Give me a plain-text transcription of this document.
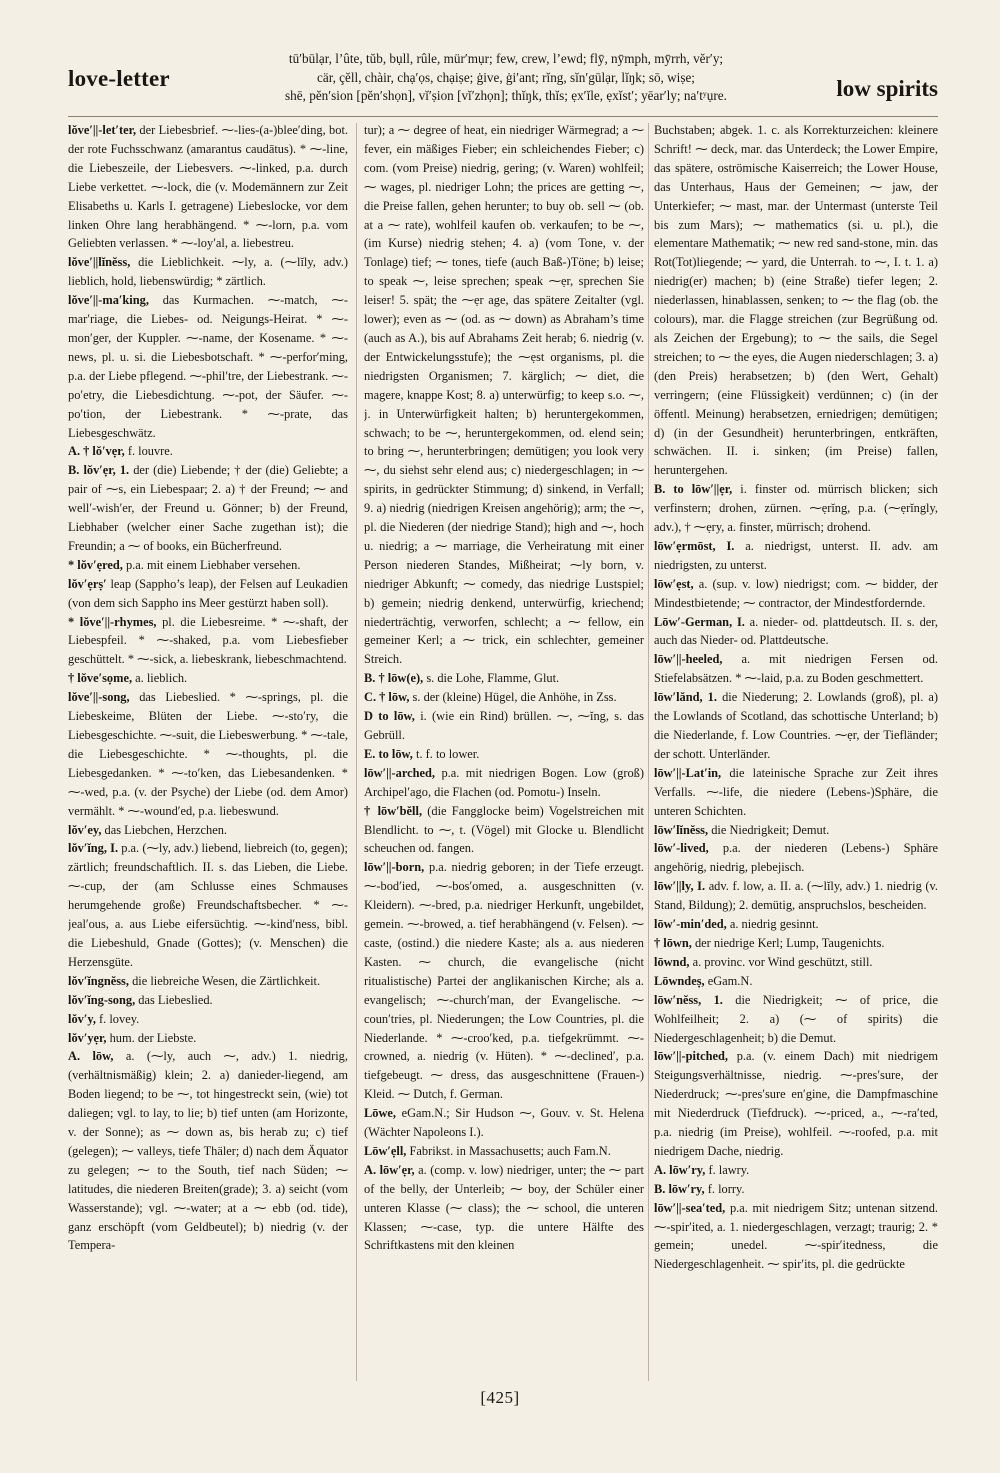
love-letter
tū′būlạr, l’ûte, tŭb, bụll, rûle, mür′mụr; few, crew, l’ewd; flȳ, nȳmph, mȳrrh, vĕr′y;
cär, çĕll, chàir, chạ′ọs, chạiṣe; ġive, ġi′ant; rĭng, sĭn′gūlạr, lĭŋk; sō, wiṣe;
shē, pĕn′sion [pĕn′shọn], vĭ′ṣion [vĭ′zhọn]; thĭŋk, thĭs; ẹx′ĭle, ẹxĭst′; yēar′ly; na′tʸụre.	low spirits
lŏve′||-let′ter, der Liebesbrief. ⁓-lies-(a-)blee′ding, bot. der rote Fuchsschwanz (amarantus caudātus). * ⁓-line, die Liebeszeile, der Liebesvers. ⁓-linked, p.a. durch Liebe verkettet. ⁓-lock, die (v. Modemännern zur Zeit Elisabeths u. Karls I. getragene) Liebeslocke, vor dem linken Ohre lang herabhängend. * ⁓-lorn, p.a. vom Geliebten verlassen. * ⁓-loy′al, a. liebestreu.
lŏve′||lĭnĕss, die Lieblichkeit. ⁓ly, a. (⁓lĭly, adv.) lieblich, hold, liebenswürdig; * zärtlich.
lŏve′||-ma′king, das Kurmachen. ⁓-match, ⁓-mar′riage, die Liebes- od. Neigungs-Heirat. * ⁓-mon′ger, der Kuppler. ⁓-name, der Kosename. * ⁓-news, pl. u. si. die Liebesbotschaft. * ⁓-perfor′ming, p.a. der Liebe pflegend. ⁓-phil′tre, der Liebestrank. ⁓-po′etry, die Liebesdichtung. ⁓-pot, der Säufer. ⁓-po′tion, der Liebestrank. * ⁓-prate, das Liebesgeschwätz.
A. † lŏ′vẹr, f. louvre.
B. lŏv′ẹr, 1. der (die) Liebende; † der (die) Geliebte; a pair of ⁓s, ein Liebespaar; 2. a) † der Freund; ⁓ and well′-wish′er, der Freund u. Gönner; b) der Freund, Liebhaber (welcher einer Sache zugethan ist); die Freundin; a ⁓ of books, ein Bücherfreund.
* lŏv′ẹred, p.a. mit einem Liebhaber versehen.
lŏv′ẹrṣ′ leap (Sappho’s leap), der Felsen auf Leukadien (von dem sich Sappho ins Meer gestürzt haben soll).
* lŏve′||-rhymes, pl. die Liebesreime. * ⁓-shaft, der Liebespfeil. * ⁓-shaked, p.a. vom Liebesfieber geschüttelt. * ⁓-sick, a. liebeskrank, liebeschmachtend.
† lŏve′sọme, a. lieblich.
lŏve′||-song, das Liebeslied. * ⁓-springs, pl. die Liebeskeime, Blüten der Liebe. ⁓-sto′ry, die Liebesgeschichte. ⁓-suit, die Liebeswerbung. * ⁓-tale, die Liebesgeschichte. * ⁓-thoughts, pl. die Liebesgedanken. * ⁓-to′ken, das Liebesandenken. * ⁓-wed, p.a. (v. der Psyche) der Liebe (od. dem Amor) vermählt. * ⁓-wound′ed, p.a. liebeswund.
lŏv′ey, das Liebchen, Herzchen.
lŏv′ĭng, I. p.a. (⁓ly, adv.) liebend, liebreich (to, gegen); zärtlich; freundschaftlich. II. s. das Lieben, die Liebe. ⁓-cup, der (am Schlusse eines Schmauses herumgehende große) Freundschaftsbecher. * ⁓-jeal′ous, a. aus Liebe eifersüchtig. ⁓-kind′ness, bibl. die Liebeshuld, Gnade (Gottes); (v. Menschen) die Herzensgüte.
lŏv′ĭngnĕss, die liebreiche Wesen, die Zärtlichkeit.
lŏv′ĭng-song, das Liebeslied.
lŏv′y, f. lovey.
lŏv′yẹr, hum. der Liebste.
A. lōw, a. (⁓ly, auch ⁓, adv.) 1. niedrig, (verhältnismäßig) klein; 2. a) danieder-liegend, am Boden liegend; to be ⁓, tot hingestreckt sein, (wie) tot daliegen; vgl. to lay, to lie; b) tief unten (am Horizonte, v. der Sonne); as ⁓ down as, bis herab zu; c) tief (gelegen); ⁓ valleys, tiefe Thäler; d) nach dem Äquator zu gelegen; ⁓ to the South, tief nach Süden; ⁓ latitudes, die niederen Breiten(grade); 3. a) seicht (vom Wasserstande); vgl. ⁓-water; at a ⁓ ebb (od. tide), ganz erschöpft (vom Geldbeutel); b) niedrig (v. der Tempera-
tur); a ⁓ degree of heat, ein niedriger Wärmegrad; a ⁓ fever, ein mäßiges Fieber; ein schleichendes Fieber; c) com. (vom Preise) niedrig, gering; (v. Waren) wohlfeil; ⁓ wages, pl. niedriger Lohn; the prices are getting ⁓, die Preise fallen, gehen herunter; to buy ob. sell ⁓ (ob. at a ⁓ rate), wohlfeil kaufen ob. verkaufen; to be ⁓, (im Kurse) niedrig stehen; 4. a) (vom Tone, v. der Tonlage) tief; ⁓ tones, tiefe (auch Baß-)Töne; b) leise; to speak ⁓, leise sprechen; speak ⁓ẹr, sprechen Sie leiser! 5. spät; the ⁓ẹr age, das spätere Zeitalter (vgl. lower); even as ⁓ (od. as ⁓ down) as Abraham’s time (auch as A.), bis auf Abrahams Zeit herab; 6. niedrig (v. der Entwickelungsstufe); the ⁓ẹst organisms, pl. die niedrigsten Organismen; 7. kärglich; ⁓ diet, die magere, knappe Kost; 8. a) unterwürfig; to keep s.o. ⁓, j. in Unterwürfigkeit halten; b) heruntergekommen, schwach; to be ⁓, heruntergekommen, od. elend sein; to bring ⁓, herunterbringen; demütigen; you look very ⁓, du siehst sehr elend aus; c) niedergeschlagen; in ⁓ spirits, in gedrückter Stimmung; d) sinkend, in Verfall; 9. a) niedrig (niedrigen Kreisen angehörig); arm; the ⁓, pl. die Niederen (der niedrige Stand); high and ⁓, hoch u. niedrig; a ⁓ marriage, die Verheiratung mit einer Person niederen Standes, Mißheirat; ⁓ly born, v. niedriger Abkunft; ⁓ comedy, das niedrige Lustspiel; b) gemein; niedrig denkend, unterwürfig, kriechend; niederträchtig, verworfen, schlecht; a ⁓ fellow, ein gemeiner Kerl; a ⁓ trick, ein schlechter, gemeiner Streich.
B. † lōw(e), s. die Lohe, Flamme, Glut.
C. † lōw, s. der (kleine) Hügel, die Anhöhe, in Zss.
D to lōw, i. (wie ein Rind) brüllen. ⁓, ⁓ĭng, s. das Gebrüll.
E. to lōw, t. f. to lower.
lōw′||-arched, p.a. mit niedrigen Bogen. Low (groß) Archipel′ago, die Flachen (od. Pomotu-) Inseln.
† lōw′bĕll, (die Fangglocke beim) Vogelstreichen mit Blendlicht. to ⁓, t. (Vögel) mit Glocke u. Blendlicht scheuchen od. fangen.
lōw′||-born, p.a. niedrig geboren; in der Tiefe erzeugt. ⁓-bod′ied, ⁓-bos′omed, a. ausgeschnitten (v. Kleidern). ⁓-bred, p.a. niedriger Herkunft, ungebildet, gemein. ⁓-browed, a. tief herabhängend (v. Felsen). ⁓ caste, (ostind.) die niedere Kaste; als a. aus niederen Kasten. ⁓ church, die evangelische (nicht ritualistische) Partei der anglikanischen Kirche; als a. evangelisch; ⁓-church′man, der Evangelische. ⁓ coun′tries, pl. Niederungen; the Low Countries, pl. die Niederlande. * ⁓-croo′ked, p.a. tiefgekrümmt. ⁓-crowned, a. niedrig (v. Hüten). * ⁓-declined′, p.a. tiefgebeugt. ⁓ dress, das ausgeschnittene (Frauen-) Kleid. ⁓ Dutch, f. German.
Lōwe, eGam.N.; Sir Hudson ⁓, Gouv. v. St. Helena (Wächter Napoleons I.).
Lōw′ẹll, Fabrikst. in Massachusetts; auch Fam.N.
A. lōw′ẹr, a. (comp. v. low) niedriger, unter; the ⁓ part of the belly, der Unterleib; ⁓ boy, der Schüler einer unteren Klasse (⁓ class); the ⁓ school, die unteren Klassen; ⁓-case, typ. die untere Hälfte des Schriftkastens mit den kleinen
Buchstaben; abgek. 1. c. als Korrekturzeichen: kleinere Schrift! ⁓ deck, mar. das Unterdeck; the Lower Empire, das spätere, oströmische Kaiserreich; the Lower House, das Unterhaus, Haus der Gemeinen; ⁓ jaw, der Unterkiefer; ⁓ mast, mar. der Untermast (unterste Teil bis zum Mars); ⁓ mathematics (si. u. pl.), die elementare Mathematik; ⁓ new red sand-stone, min. das Rot(Tot)liegende; ⁓ yard, die Unterrah. to ⁓, I. t. 1. a) niedrig(er) machen; b) (eine Straße) tiefer legen; 2. niederlassen, hinablassen, senken; to ⁓ the flag (ob. the colours), mar. die Flagge streichen (zur Begrüßung od. als Zeichen der Ergebung); to ⁓ the sails, die Segel streichen; to ⁓ the eyes, die Augen niederschlagen; 3. a) (den Preis) herabsetzen; b) (den Wert, Gehalt) verringern; (eine Flüssigkeit) verdünnen; c) (in der öffentl. Meinung) herabsetzen, erniedrigen; demütigen; d) (in der Gesundheit) herunterbringen, entkräften, schwächen. II. i. sinken; (im Preise) fallen, heruntergehen.
B. to lōw′||ẹr, i. finster od. mürrisch blicken; sich verfinstern; drohen, zürnen. ⁓ẹrĭng, p.a. (⁓ẹrĭngly, adv.), † ⁓ẹry, a. finster, mürrisch; drohend.
lōw′ẹrmōst, I. a. niedrigst, unterst. II. adv. am niedrigsten, zu unterst.
lōw′ẹst, a. (sup. v. low) niedrigst; com. ⁓ bidder, der Mindestbietende; ⁓ contractor, der Mindestfordernde.
Lōw′-German, I. a. nieder- od. plattdeutsch. II. s. der, auch das Nieder- od. Plattdeutsche.
lōw′||-heeled, a. mit niedrigen Fersen od. Stiefelabsätzen. * ⁓-laid, p.a. zu Boden geschmettert.
lōw′lănd, 1. die Niederung; 2. Lowlands (groß), pl. a) the Lowlands of Scotland, das schottische Unterland; b) die Niederlande, f. Low Countries. ⁓ẹr, der Tiefländer; der schott. Unterländer.
lōw′||-Lat′in, die lateinische Sprache zur Zeit ihres Verfalls. ⁓-life, die niedere (Lebens-)Sphäre, die unteren Schichten.
lōw′lĭnĕss, die Niedrigkeit; Demut.
lōw′-lived, p.a. der niederen (Lebens-) Sphäre angehörig, niedrig, plebejisch.
lōw′||ly, I. adv. f. low, a. II. a. (⁓lĭly, adv.) 1. niedrig (v. Stand, Bildung); 2. demütig, anspruchslos, bescheiden.
lōw′-min′ded, a. niedrig gesinnt.
† lōwn, der niedrige Kerl; Lump, Taugenichts.
lōwnd, a. provinc. vor Wind geschützt, still.
Lōwndeṣ, eGam.N.
lōw′nĕss, 1. die Niedrigkeit; ⁓ of price, die Wohlfeilheit; 2. a) (⁓ of spirits) die Niedergeschlagenheit; b) die Demut.
lōw′||-pitched, p.a. (v. einem Dach) mit niedrigem Steigungsverhältnisse, niedrig. ⁓-pres′sure, der Niederdruck; ⁓-pres′sure en′gine, die Dampfmaschine mit Niederdruck (Tiefdruck). ⁓-priced, a., ⁓-ra′ted, p.a. niedrig (im Preise), wohlfeil. ⁓-roofed, p.a. mit niedrigem Dache, niedrig.
A. lōw′ry, f. lawry.
B. lōw′ry, f. lorry.
lōw′||-sea′ted, p.a. mit niedrigem Sitz; untenan sitzend. ⁓-spir′ited, a. 1. niedergeschlagen, verzagt; traurig; 2. * gemein; unedel. ⁓-spir′itedness, die Niedergeschlagenheit. ⁓ spir′its, pl. die gedrückte
[425]
